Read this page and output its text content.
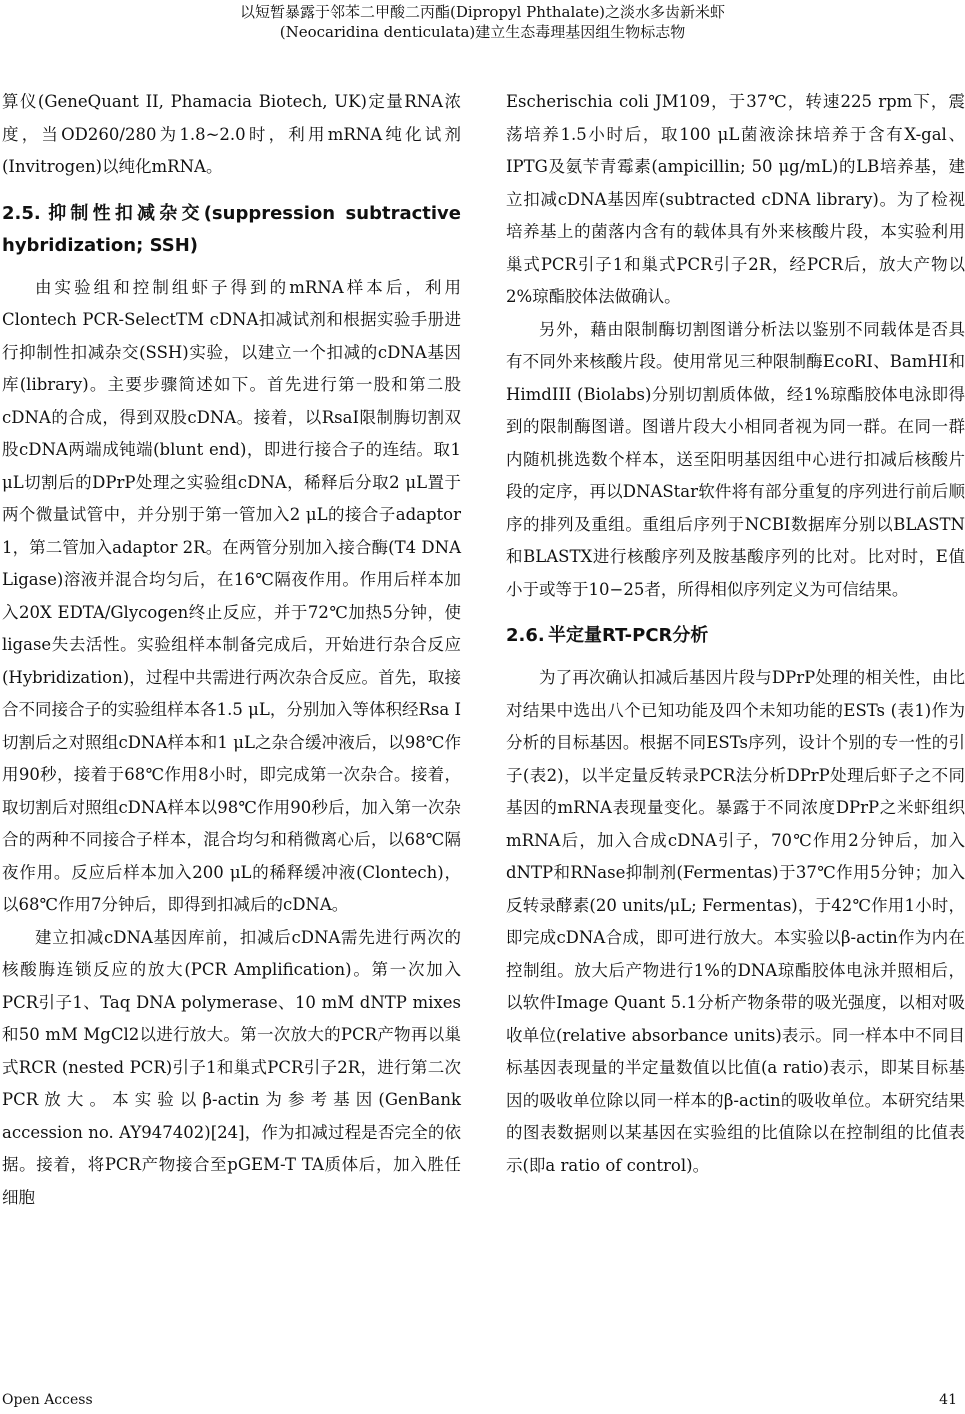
以短暂暴露于邻苯二甲酸二丙酯(Dipropyl Phthalate)之淡水多齿新米虾
(Neocaridina denticulata)建立生态毒理基因组生物标志物

算仪(GeneQuant II, Phamacia Biotech, UK)定量RNA浓度，当OD260/280为1.8~2.0时，利用mRNA纯化试剂(Invitrogen)以纯化mRNA。

2.5. 抑制性扣减杂交(suppression subtractive hybridization; SSH)

由实验组和控制组虾子得到的mRNA样本后，利用Clontech PCR-SelectTM cDNA扣减试剂和根据实验手册进行抑制性扣减杂交(SSH)实验，以建立一个扣减的cDNA基因库(library)。主要步骤简述如下。首先进行第一股和第二股cDNA的合成，得到双股cDNA。接着，以RsaI限制脢切割双股cDNA两端成钝端(blunt end)，即进行接合子的连结。取1 μL切割后的DPrP处理之实验组cDNA，稀释后分取2 μL置于两个微量试管中，并分别于第一管加入2 μL的接合子adaptor 1，第二管加入adaptor 2R。在两管分别加入接合酶(T4 DNA Ligase)溶液并混合均匀后，在16℃隔夜作用。作用后样本加入20X EDTA/Glycogen终止反应，并于72℃加热5分钟，使ligase失去活性。实验组样本制备完成后，开始进行杂合反应(Hybridization)，过程中共需进行两次杂合反应。首先，取接合不同接合子的实验组样本各1.5 μL，分别加入等体积经Rsa I切割后之对照组cDNA样本和1 μL之杂合缓冲液后，以98℃作用90秒，接着于68℃作用8小时，即完成第一次杂合。接着，取切割后对照组cDNA样本以98℃作用90秒后，加入第一次杂合的两种不同接合子样本，混合均匀和稍微离心后，以68℃隔夜作用。反应后样本加入200 μL的稀释缓冲液(Clontech)，以68℃作用7分钟后，即得到扣减后的cDNA。

建立扣减cDNA基因库前，扣减后cDNA需先进行两次的核酸脢连锁反应的放大(PCR Amplification)。第一次加入PCR引子1、Taq DNA polymerase、10 mM dNTP mixes和50 mM MgCl2以进行放大。第一次放大的PCR产物再以巢式RCR (nested PCR)引子1和巢式PCR引子2R，进行第二次PCR放大。本实验以β-actin为参考基因(GenBank accession no. AY947402)[24]，作为扣减过程是否完全的依据。接着，将PCR产物接合至pGEM-T TA质体后，加入胜任细胞

Escherischia coli JM109，于37℃，转速225 rpm下，震荡培养1.5小时后，取100 μL菌液涂抹培养于含有X-gal、IPTG及氨苄青霉素(ampicillin; 50 μg/mL)的LB培养基，建立扣减cDNA基因库(subtracted cDNA library)。为了检视培养基上的菌落内含有的载体具有外来核酸片段，本实验利用巢式PCR引子1和巢式PCR引子2R，经PCR后，放大产物以2%琼酯胶体法做确认。

另外，藉由限制酶切割图谱分析法以鉴别不同载体是否具有不同外来核酸片段。使用常见三种限制酶EcoRI、BamHI和HimdIII (Biolabs)分别切割质体做，经1%琼酯胶体电泳即得到的限制酶图谱。图谱片段大小相同者视为同一群。在同一群内随机挑选数个样本，送至阳明基因组中心进行扣减后核酸片段的定序，再以DNAStar软件将有部分重复的序列进行前后顺序的排列及重组。重组后序列于NCBI数据库分别以BLASTN和BLASTX进行核酸序列及胺基酸序列的比对。比对时，E值小于或等于10−25者，所得相似序列定义为可信结果。

2.6. 半定量RT-PCR分析

为了再次确认扣减后基因片段与DPrP处理的相关性，由比对结果中选出八个已知功能及四个未知功能的ESTs (表1)作为分析的目标基因。根据不同ESTs序列，设计个别的专一性的引子(表2)，以半定量反转录PCR法分析DPrP处理后虾子之不同基因的mRNA表现量变化。暴露于不同浓度DPrP之米虾组织mRNA后，加入合成cDNA引子，70℃作用2分钟后，加入dNTP和RNase抑制剂(Fermentas)于37℃作用5分钟；加入反转录酵素(20 units/μL; Fermentas)，于42℃作用1小时，即完成cDNA合成，即可进行放大。本实验以β-actin作为内在控制组。放大后产物进行1%的DNA琼酯胶体电泳并照相后，以软件Image Quant 5.1分析产物条带的吸光强度，以相对吸收单位(relative absorbance units)表示。同一样本中不同目标基因表现量的半定量数值以比值(a ratio)表示，即某目标基因的吸收单位除以同一样本的β-actin的吸收单位。本研究结果的图表数据则以某基因在实验组的比值除以在控制组的比值表示(即a ratio of control)。

Open Access	41
